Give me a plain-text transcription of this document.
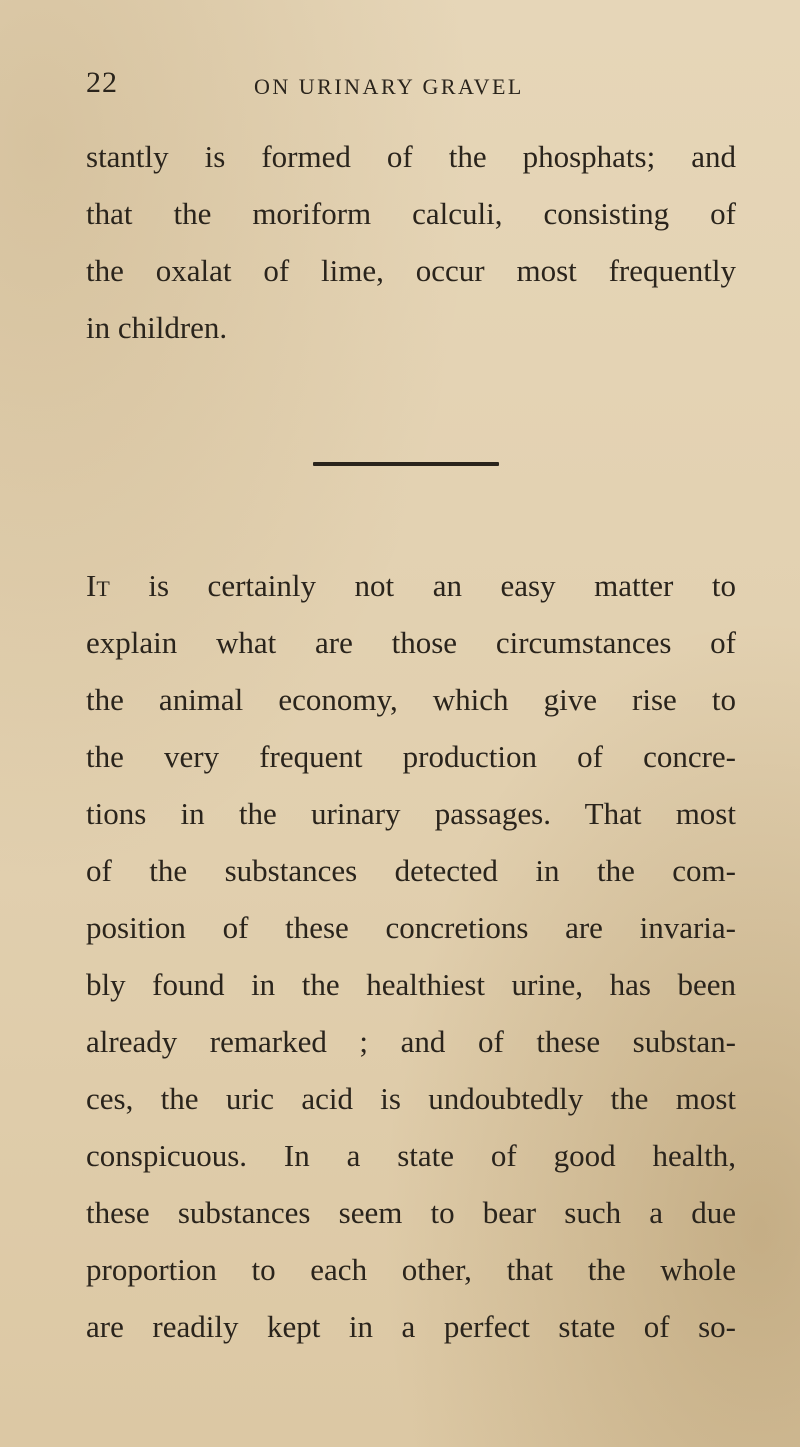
22	ON URINARY GRAVEL
stantly is formed of the phosphats; and
that the moriform calculi, consisting of
the oxalat of lime, occur most frequently
in children.
It is certainly not an easy matter to
explain what are those circumstances of
the animal economy, which give rise to
the very frequent production of concre-
tions in the urinary passages. That most
of the substances detected in the com-
position of these concretions are invaria-
bly found in the healthiest urine, has been
already remarked ; and of these substan-
ces, the uric acid is undoubtedly the most
conspicuous. In a state of good health,
these substances seem to bear such a due
proportion to each other, that the whole
are readily kept in a perfect state of so-
